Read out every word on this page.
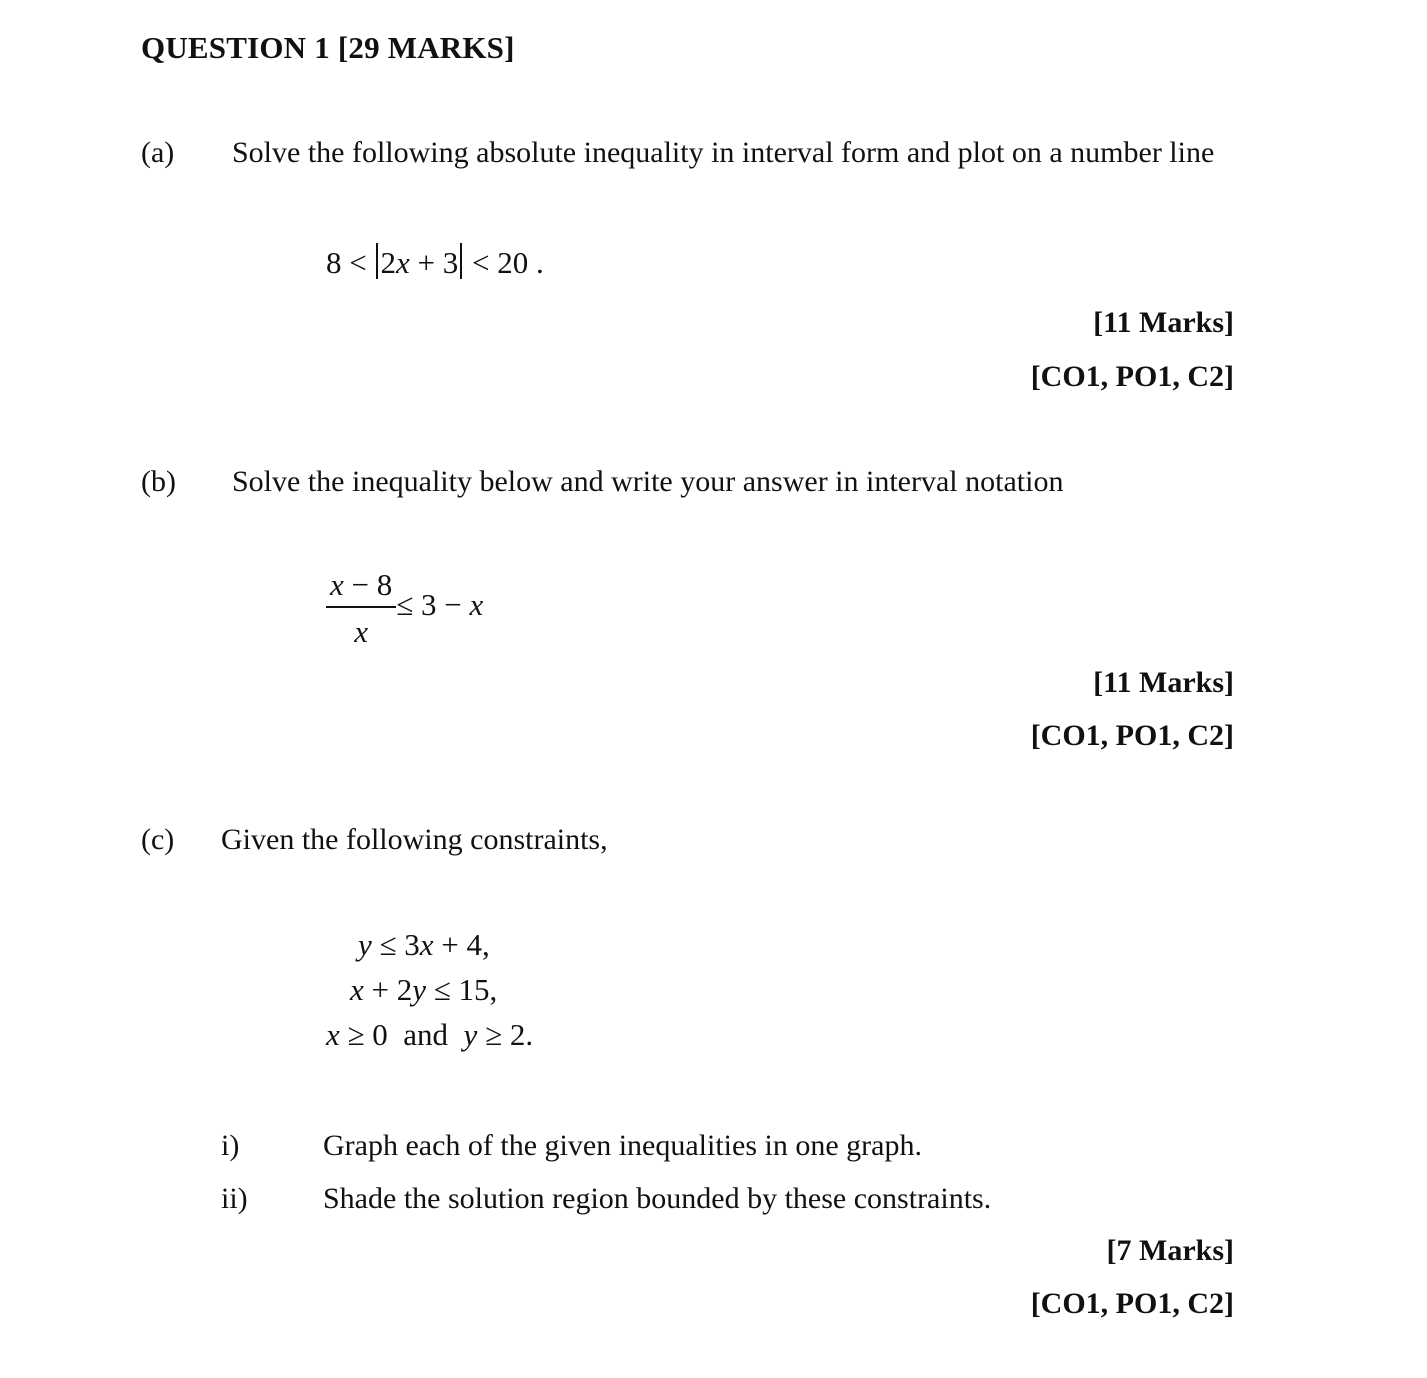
QUESTION 1 [29 MARKS]
(a) Solve the following absolute inequality in interval form and plot on a number line
8 < 2x + 3 < 20 .
[11 Marks]
[CO1, PO1, C2]
(b) Solve the inequality below and write your answer in interval notation
$\frac{x - 8}{x} \le 3 - x$
[11 Marks]
[CO1, PO1, C2]
(c) Given the following constraints,
y ≤ 3x + 4,
x + 2y ≤ 15,
x ≥ 0  and  y ≥ 2.
i)	Graph each of the given inequalities in one graph.
ii)	Shade the solution region bounded by these constraints.
[7 Marks]
[CO1, PO1, C2]
